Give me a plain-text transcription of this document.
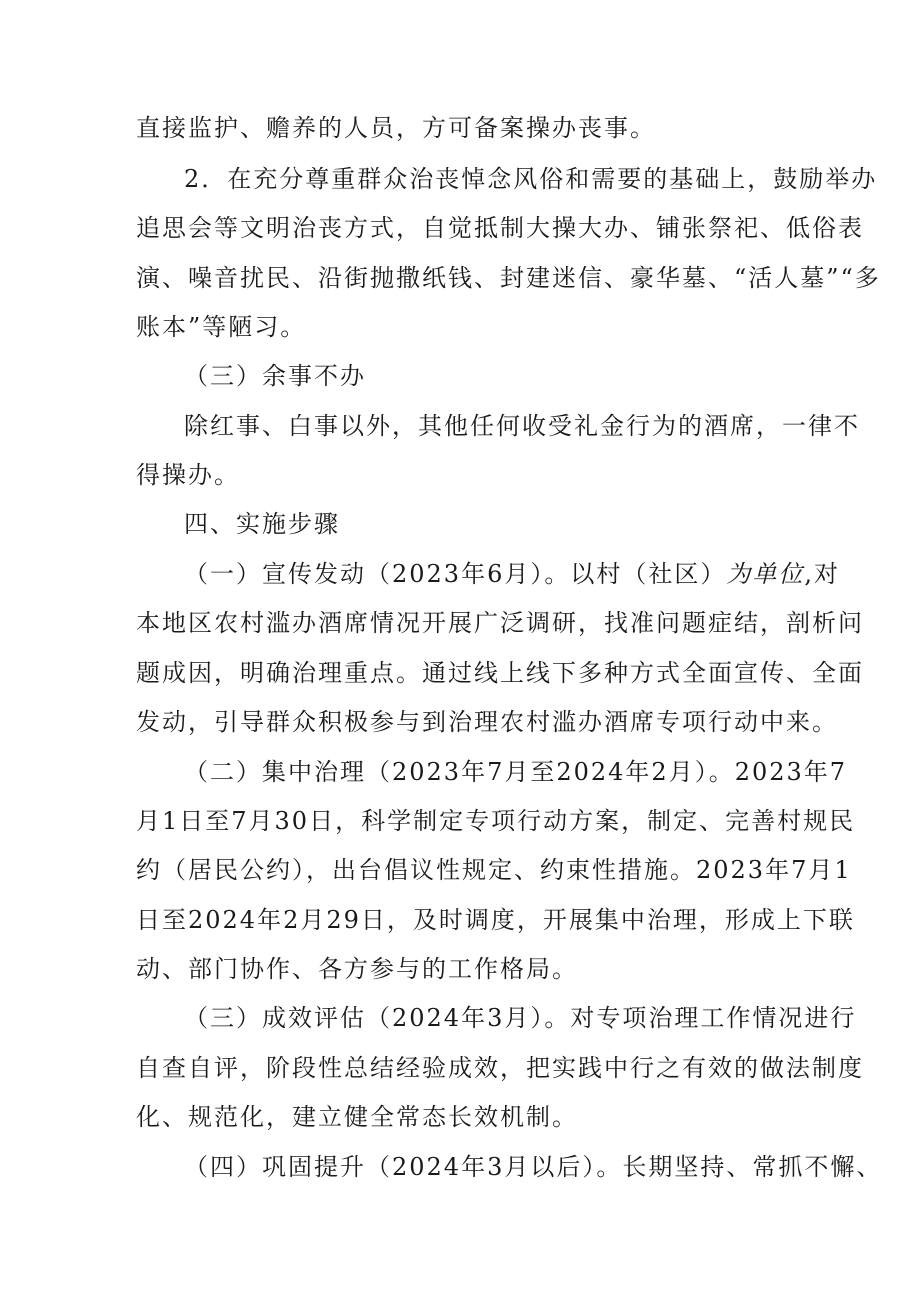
直接监护、赡养的人员，方可备案操办丧事。
2．在充分尊重群众治丧悼念风俗和需要的基础上，鼓励举办
追思会等文明治丧方式，自觉抵制大操大办、铺张祭祀、低俗表
演、噪音扰民、沿街抛撒纸钱、封建迷信、豪华墓、“活人墓”“多
账本”等陋习。
（三）余事不办
除红事、白事以外，其他任何收受礼金行为的酒席，一律不
得操办。
四、实施步骤
（一）宣传发动（2023年6月）。以村（社区）为单位,对
本地区农村滥办酒席情况开展广泛调研，找准问题症结，剖析问
题成因，明确治理重点。通过线上线下多种方式全面宣传、全面
发动，引导群众积极参与到治理农村滥办酒席专项行动中来。
（二）集中治理（2023年7月至2024年2月）。2023年7
月1日至7月30日，科学制定专项行动方案，制定、完善村规民
约（居民公约），出台倡议性规定、约束性措施。2023年7月1
日至2024年2月29日，及时调度，开展集中治理，形成上下联
动、部门协作、各方参与的工作格局。
（三）成效评估（2024年3月）。对专项治理工作情况进行
自查自评，阶段性总结经验成效，把实践中行之有效的做法制度
化、规范化，建立健全常态长效机制。
（四）巩固提升（2024年3月以后）。长期坚持、常抓不懈、
